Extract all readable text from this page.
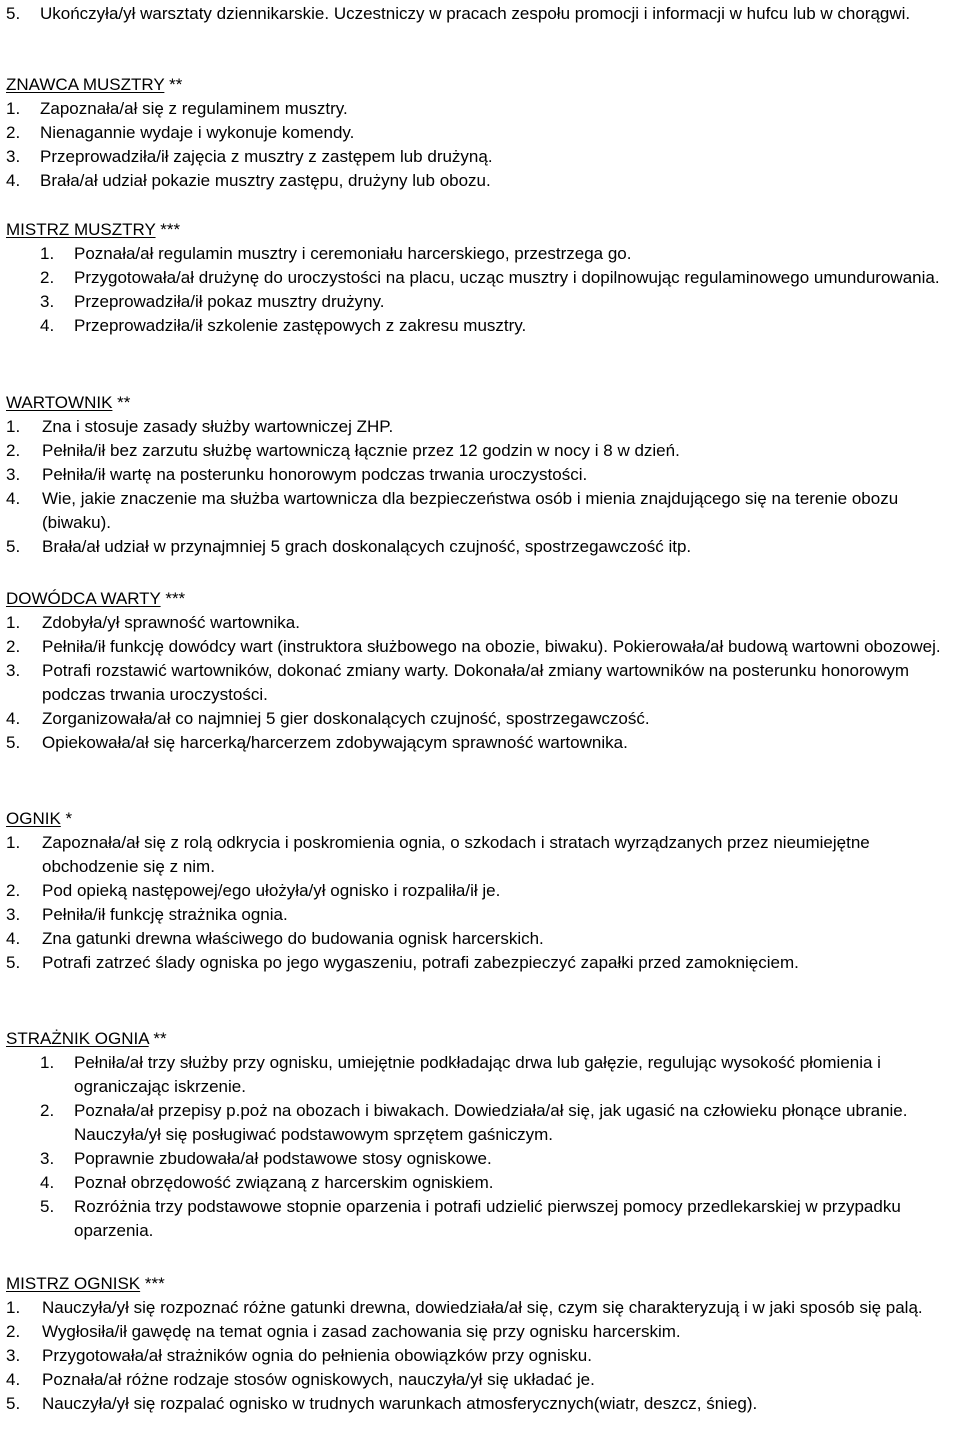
5.	Ukończyła/ył warsztaty dziennikarskie. Uczestniczy w pracach zespołu promocji i informacji w hufcu lub w chorągwi.
ZNAWCA MUSZTRY **
1.	Zapoznała/ał się z regulaminem musztry.
2.	Nienagannie wydaje i wykonuje komendy.
3.	Przeprowadziła/ił zajęcia z musztry z zastępem lub drużyną.
4.	Brała/ał udział pokazie musztry zastępu, drużyny lub obozu.
MISTRZ MUSZTRY ***
1.	Poznała/ał regulamin musztry i ceremoniału harcerskiego, przestrzega go.
2.	Przygotowała/ał drużynę do uroczystości na placu, ucząc musztry i dopilnowując regulaminowego umundurowania.
3.	Przeprowadziła/ił pokaz musztry drużyny.
4.	Przeprowadziła/ił szkolenie zastępowych z zakresu musztry.
WARTOWNIK **
1.	Zna i stosuje zasady służby wartowniczej ZHP.
2.	Pełniła/ił bez zarzutu służbę wartowniczą łącznie przez 12 godzin w nocy i 8 w dzień.
3.	Pełniła/ił wartę na posterunku honorowym podczas trwania uroczystości.
4.	Wie, jakie znaczenie ma służba wartownicza dla bezpieczeństwa osób i mienia znajdującego się na terenie obozu (biwaku).
5.	Brała/ał udział w przynajmniej 5 grach doskonalących czujność, spostrzegawczość itp.
DOWÓDCA WARTY ***
1.	Zdobyła/ył sprawność wartownika.
2.	Pełniła/ił funkcję dowódcy wart (instruktora służbowego na obozie, biwaku). Pokierowała/ał budową wartowni obozowej.
3.	Potrafi rozstawić wartowników, dokonać zmiany warty. Dokonała/ał zmiany wartowników na posterunku honorowym podczas trwania uroczystości.
4.	Zorganizowała/ał co najmniej 5 gier doskonalących czujność, spostrzegawczość.
5.	Opiekowała/ał się harcerką/harcerzem zdobywającym sprawność wartownika.
OGNIK *
1.	Zapoznała/ał się z rolą odkrycia i poskromienia ognia, o szkodach i stratach wyrządzanych przez nieumiejętne obchodzenie się z nim.
2.	Pod opieką następowej/ego ułożyła/ył ognisko i rozpaliła/ił je.
3.	Pełniła/ił funkcję strażnika ognia.
4.	Zna gatunki drewna właściwego do budowania ognisk harcerskich.
5.	Potrafi zatrzeć ślady ogniska po jego wygaszeniu, potrafi zabezpieczyć zapałki przed zamoknięciem.
STRAŻNIK OGNIA **
1.	Pełniła/ał trzy służby przy ognisku, umiejętnie podkładając drwa lub gałęzie, regulując wysokość płomienia i ograniczając iskrzenie.
2.	Poznała/ał przepisy p.poż na obozach i biwakach. Dowiedziała/ał się, jak ugasić na człowieku płonące ubranie. Nauczyła/ył się posługiwać podstawowym sprzętem gaśniczym.
3.	Poprawnie zbudowała/ał podstawowe stosy ogniskowe.
4.	Poznał obrzędowość związaną z harcerskim ogniskiem.
5.	Rozróżnia trzy podstawowe stopnie oparzenia i potrafi udzielić pierwszej pomocy przedlekarskiej w przypadku oparzenia.
MISTRZ OGNISK ***
1.	Nauczyła/ył się rozpoznać różne gatunki drewna, dowiedziała/ał się, czym się charakteryzują i w jaki sposób się palą.
2.	Wygłosiła/ił gawędę na temat ognia i zasad zachowania się przy ognisku harcerskim.
3.	Przygotowała/ał strażników ognia do pełnienia obowiązków przy ognisku.
4.	Poznała/ał różne rodzaje stosów ogniskowych, nauczyła/ył się układać je.
5.	Nauczyła/ył się rozpalać ognisko w trudnych warunkach atmosferycznych(wiatr, deszcz, śnieg).
